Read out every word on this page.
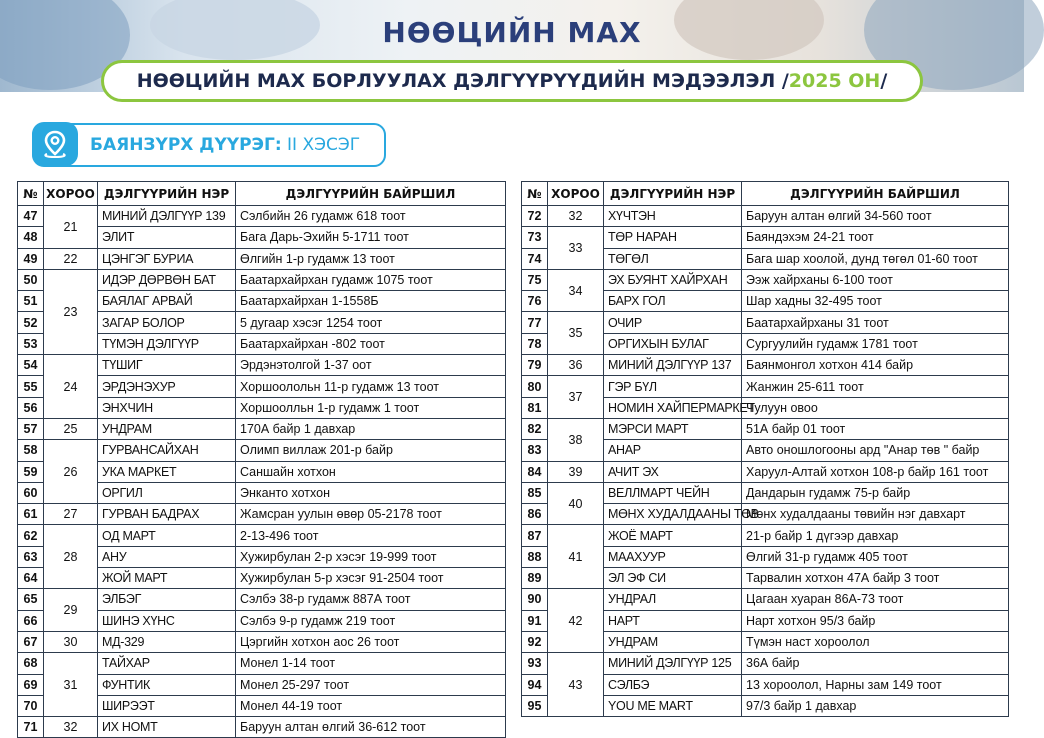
НӨӨЦИЙН МАХ
НӨӨЦИЙН МАХ БОРЛУУЛАХ ДЭЛГҮҮРҮҮДИЙН МЭДЭЭЛЭЛ / 2025 ОН /
БАЯНЗҮРХ ДҮҮРЭГ: II ХЭСЭГ
№	ХОРОО	ДЭЛГҮҮРИЙН НЭР	ДЭЛГҮҮРИЙН БАЙРШИЛ
47	21	МИНИЙ ДЭЛГҮҮР 139	Сэлбийн 26 гудамж 618 тоот
48		ЭЛИТ	Бага Дарь-Эхийн 5-1711 тоот
49	22	ЦЭНГЭГ БУРИА	Өлгийн 1-р гудамж 13 тоот
50	23	ИДЭР ДӨРВӨН БАТ	Баатархайрхан гудамж 1075 тоот
51		БАЯЛАГ АРВАЙ	Баатархайрхан 1-1558Б
52		ЗАГАР БОЛОР	5 дугаар хэсэг 1254 тоот
53		ТҮМЭН ДЭЛГҮҮР	Баатархайрхан -802 тоот
54	24	ТҮШИГ	Эрдэнэтолгой 1-37 оот
55		ЭРДЭНЭХУР	Хоршоолольн 11-р гудамж 13 тоот
56		ЭНХЧИН	Хоршоолльн 1-р гудамж 1 тоот
57	25	УНДРАМ	170А байр 1 давхар
58	26	ГУРВАНСАЙХАН	Олимп виллаж 201-р байр
59		УКА МАРКЕТ	Саншайн хотхон
60		ОРГИЛ	Энканто хотхон
61	27	ГУРВАН БАДРАХ	Жамсран уулын өвөр 05-2178 тоот
62	28	ОД МАРТ	2-13-496 тоот
63		АНУ	Хужирбулан 2-р хэсэг 19-999 тоот
64		ЖОЙ МАРТ	Хужирбулан 5-р хэсэг 91-2504 тоот
65	29	ЭЛБЭГ	Сэлбэ 38-р гудамж 887А тоот
66		ШИНЭ ХҮНС	Сэлбэ 9-р гудамж 219 тоот
67	30	МД-329	Цэргийн хотхон аос 26 тоот
68	31	ТАЙХАР	Монел 1-14 тоот
69		ФУНТИК	Монел 25-297 тоот
70		ШИРЭЭТ	Монел 44-19 тоот
71	32	ИХ НОМТ	Баруун алтан өлгий 36-612 тоот
№	ХОРОО	ДЭЛГҮҮРИЙН НЭР	ДЭЛГҮҮРИЙН БАЙРШИЛ
72	32	ХҮЧТЭН	Баруун алтан өлгий 34-560 тоот
73	33	ТӨР НАРАН	Баяндэхэм 24-21 тоот
74		ТӨГӨЛ	Бага шар хоолой, дунд төгөл 01-60 тоот
75	34	ЭХ БУЯНТ ХАЙРХАН	Ээж хайрханы 6-100 тоот
76		БАРХ ГОЛ	Шар хадны 32-495 тоот
77	35	ОЧИР	Баатархайрханы 31 тоот
78		ОРГИХЫН БУЛАГ	Сургуулийн гудамж 1781 тоот
79	36	МИНИЙ ДЭЛГҮҮР 137	Баянмонгол хотхон 414 байр
80	37	ГЭР БҮЛ	Жанжин 25-611 тоот
81		НОМИН ХАЙПЕРМАРКЕТ	Чулуун овоо
82	38	МЭРСИ МАРТ	51А байр 01 тоот
83		АНАР	Авто оношлогооны ард "Анар төв " байр
84	39	АЧИТ ЭХ	Харуул-Алтай хотхон 108-р байр 161 тоот
85	40	ВЕЛЛМАРТ ЧЕЙН	Дандарын гудамж 75-р байр
86		МӨНХ ХУДАЛДААНЫ ТӨВ	Мөнх худалдааны төвийн нэг давхарт
87	41	ЖОЁ МАРТ	21-р байр 1 дүгээр давхар
88		МААХУУР	Өлгий 31-р гудамж 405 тоот
89		ЭЛ ЭФ СИ	Тарвалин хотхон 47А байр 3 тоот
90	42	УНДРАЛ	Цагаан хуаран 86А-73 тоот
91		НАРТ	Нарт хотхон 95/3 байр
92		УНДРАМ	Түмэн наст хороолол
93	43	МИНИЙ ДЭЛГҮҮР 125	36А байр
94		СЭЛБЭ	13 хороолол, Нарны зам 149 тоот
95		YOU ME MART	97/3 байр 1 давхар
